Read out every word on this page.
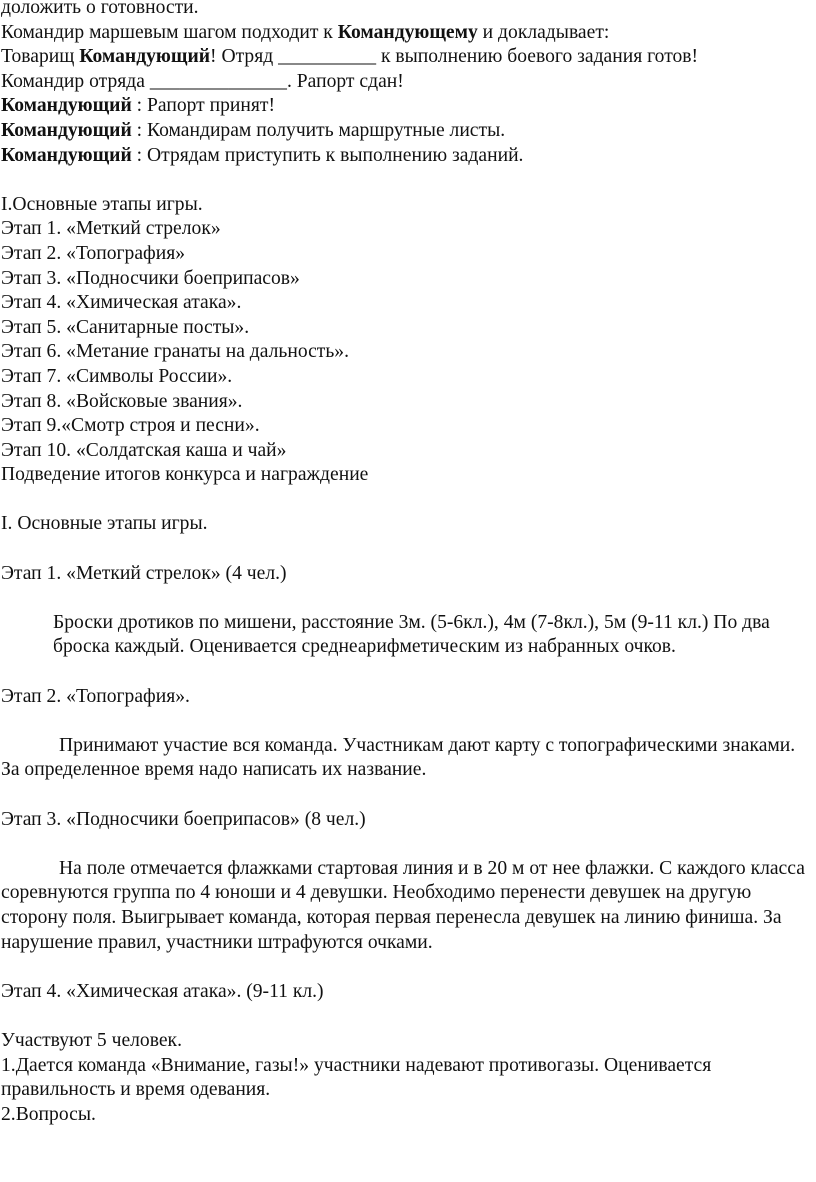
доложить о готовности.
Командир маршевым шагом подходит к Командующему и докладывает:
Товарищ Командующий! Отряд __________ к выполнению боевого задания готов!
Командир отряда ______________. Рапорт сдан!
Командующий : Рапорт принят!
Командующий : Командирам получить маршрутные листы.
Командующий : Отрядам приступить к выполнению заданий.
I.Основные этапы игры.
Этап 1. «Меткий стрелок»
Этап 2. «Топография»
Этап 3. «Подносчики боеприпасов»
Этап 4. «Химическая атака».
Этап 5. «Санитарные посты».
Этап 6. «Метание гранаты на дальность».
Этап 7. «Символы России».
Этап 8. «Войсковые звания».
Этап 9.«Смотр строя и песни».
Этап 10. «Солдатская каша и чай»
Подведение итогов конкурса и награждение
I. Основные этапы игры.
Этап 1. «Меткий стрелок» (4 чел.)
Броски дротиков по мишени, расстояние 3м. (5-6кл.), 4м (7-8кл.), 5м (9-11 кл.) По два броска каждый. Оценивается среднеарифметическим из набранных очков.
Этап 2. «Топография».
Принимают участие вся команда. Участникам дают карту с топографическими знаками. За определенное время надо написать их название.
Этап 3. «Подносчики боеприпасов» (8 чел.)
На поле отмечается флажками стартовая линия и в 20 м от нее флажки. С каждого класса соревнуются группа по 4 юноши и 4 девушки. Необходимо перенести девушек на другую сторону поля. Выигрывает команда, которая первая перенесла девушек на линию финиша. За нарушение правил, участники штрафуются очками.
Этап 4. «Химическая атака». (9-11 кл.)
Участвуют 5 человек.
1.Дается команда «Внимание, газы!» участники надевают противогазы. Оценивается правильность и время одевания.
2.Вопросы.
